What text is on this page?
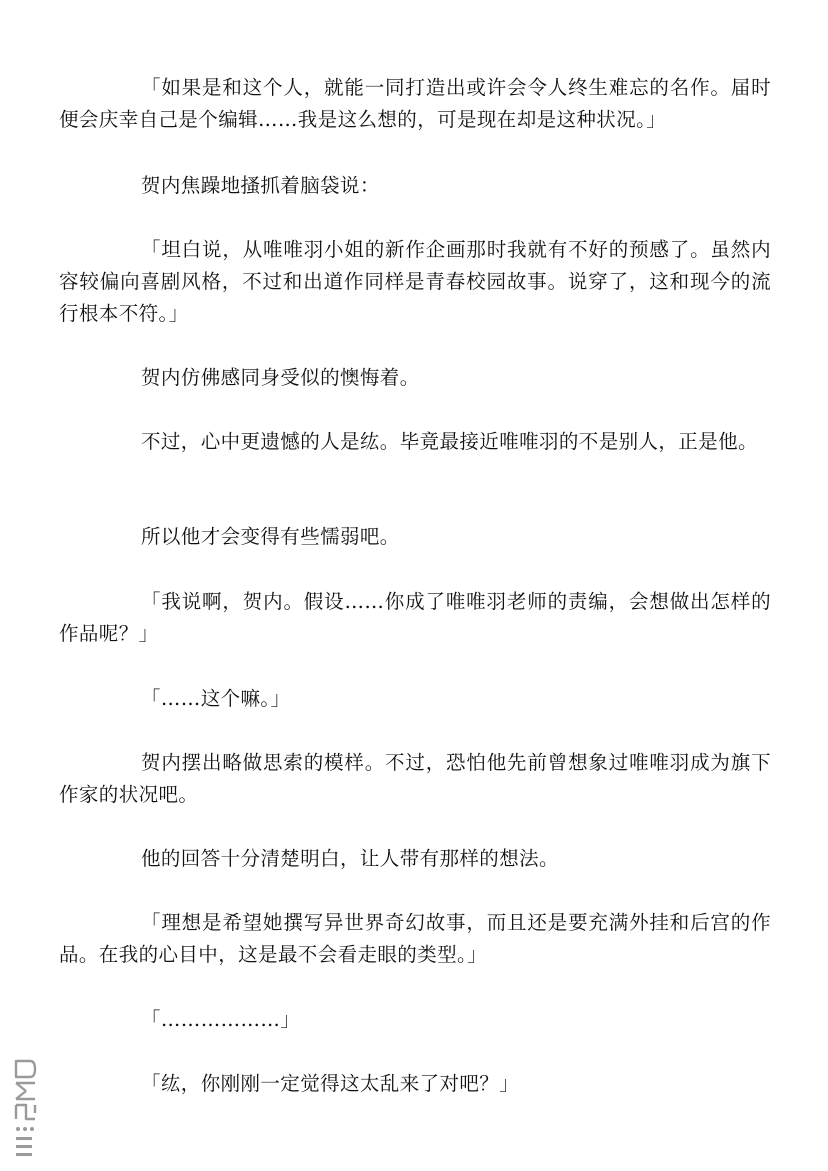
「如果是和这个人，就能一同打造出或许会令人终生难忘的名作。届时便会庆幸自己是个编辑……我是这么想的，可是现在却是这种状况。」

贺内焦躁地搔抓着脑袋说：

「坦白说，从唯唯羽小姐的新作企画那时我就有不好的预感了。虽然内容较偏向喜剧风格，不过和出道作同样是青春校园故事。说穿了，这和现今的流行根本不符。」

贺内仿佛感同身受似的懊悔着。

不过，心中更遗憾的人是纮。毕竟最接近唯唯羽的不是别人，正是他。

所以他才会变得有些懦弱吧。

「我说啊，贺内。假设……你成了唯唯羽老师的责编，会想做出怎样的作品呢？」

「……这个嘛。」

贺内摆出略做思索的模样。不过，恐怕他先前曾想象过唯唯羽成为旗下作家的状况吧。

他的回答十分清楚明白，让人带有那样的想法。

「理想是希望她撰写异世界奇幻故事，而且还是要充满外挂和后宫的作品。在我的心目中，这是最不会看走眼的类型。」

「………………」

「纮，你刚刚一定觉得这太乱来了对吧？」
